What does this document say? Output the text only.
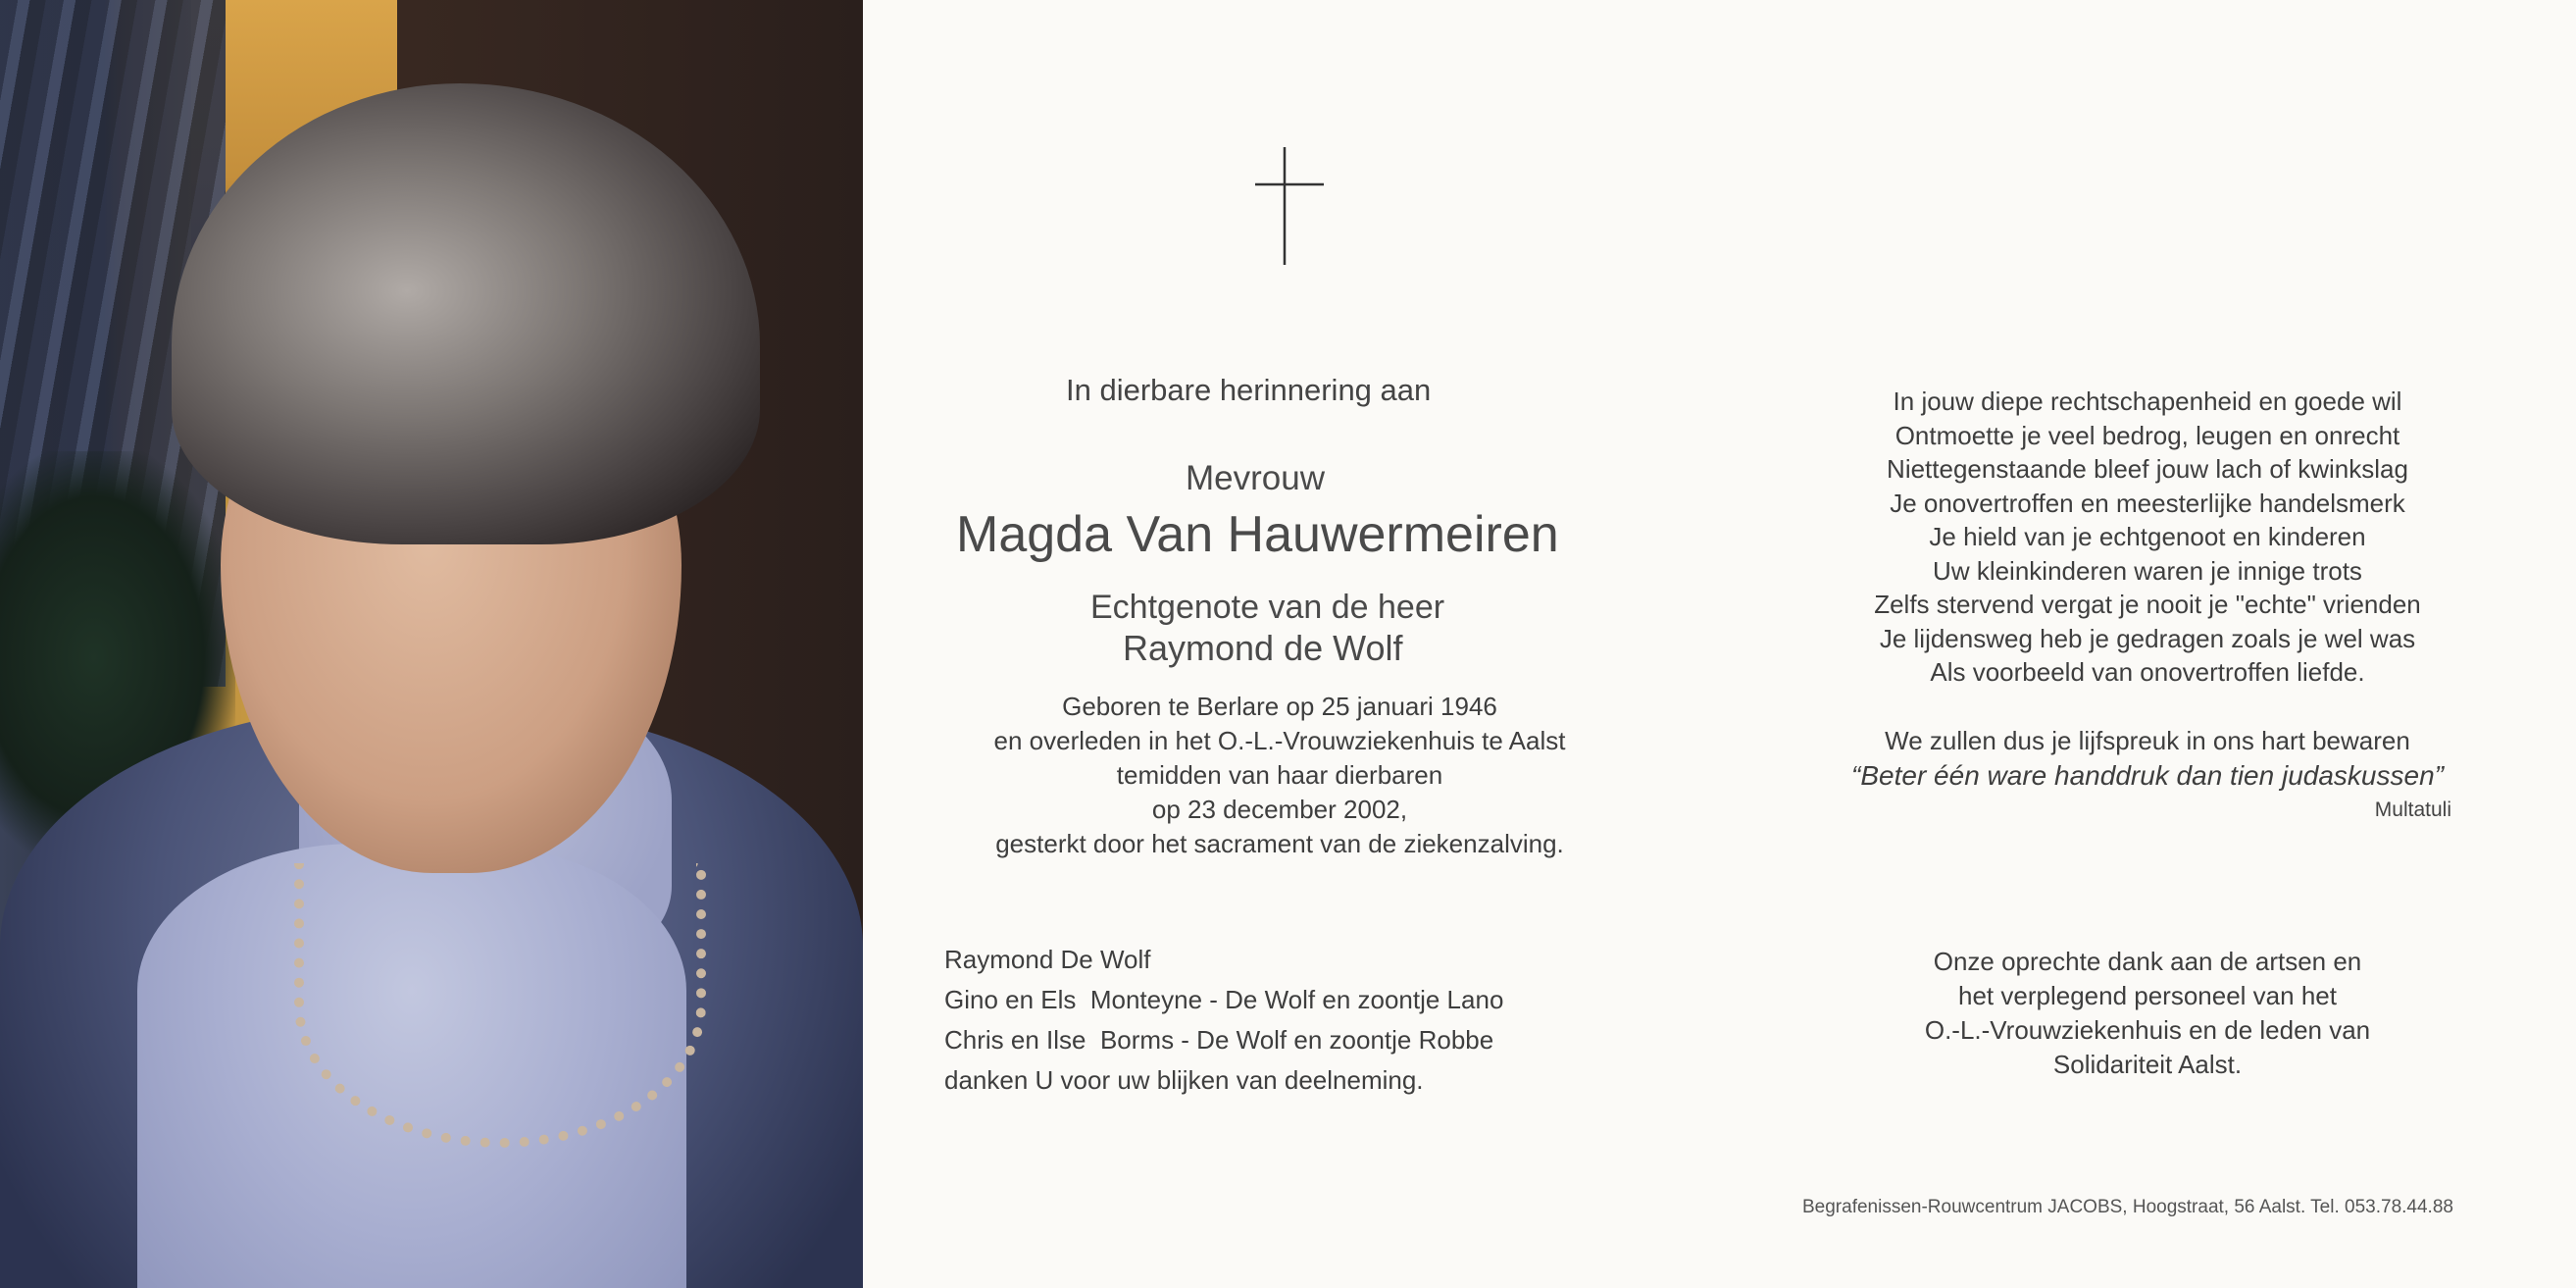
In dierbare herinnering aan
Mevrouw
Magda Van Hauwermeiren
Echtgenote van de heer
Raymond de Wolf
Geboren te Berlare op 25 januari 1946
en overleden in het O.-L.-Vrouwziekenhuis te Aalst
temidden van haar dierbaren
op 23 december 2002,
gesterkt door het sacrament van de ziekenzalving.
Raymond De Wolf
Gino en Els  Monteyne - De Wolf en zoontje Lano
Chris en Ilse  Borms - De Wolf en zoontje Robbe
danken U voor uw blijken van deelneming.
In jouw diepe rechtschapenheid en goede wil
Ontmoette je veel bedrog, leugen en onrecht
Niettegenstaande bleef jouw lach of kwinkslag
Je onovertroffen en meesterlijke handelsmerk
Je hield van je echtgenoot en kinderen
Uw kleinkinderen waren je innige trots
Zelfs stervend vergat je nooit je "echte" vrienden
Je lijdensweg heb je gedragen zoals je wel was
Als voorbeeld van onovertroffen liefde.
We zullen dus je lijfspreuk in ons hart bewaren
“Beter één ware handdruk dan tien judaskussen”
Multatuli
Onze oprechte dank aan de artsen en
het verplegend personeel van het
O.-L.-Vrouwziekenhuis en de leden van
Solidariteit Aalst.
Begrafenissen-Rouwcentrum JACOBS, Hoogstraat, 56 Aalst. Tel. 053.78.44.88
